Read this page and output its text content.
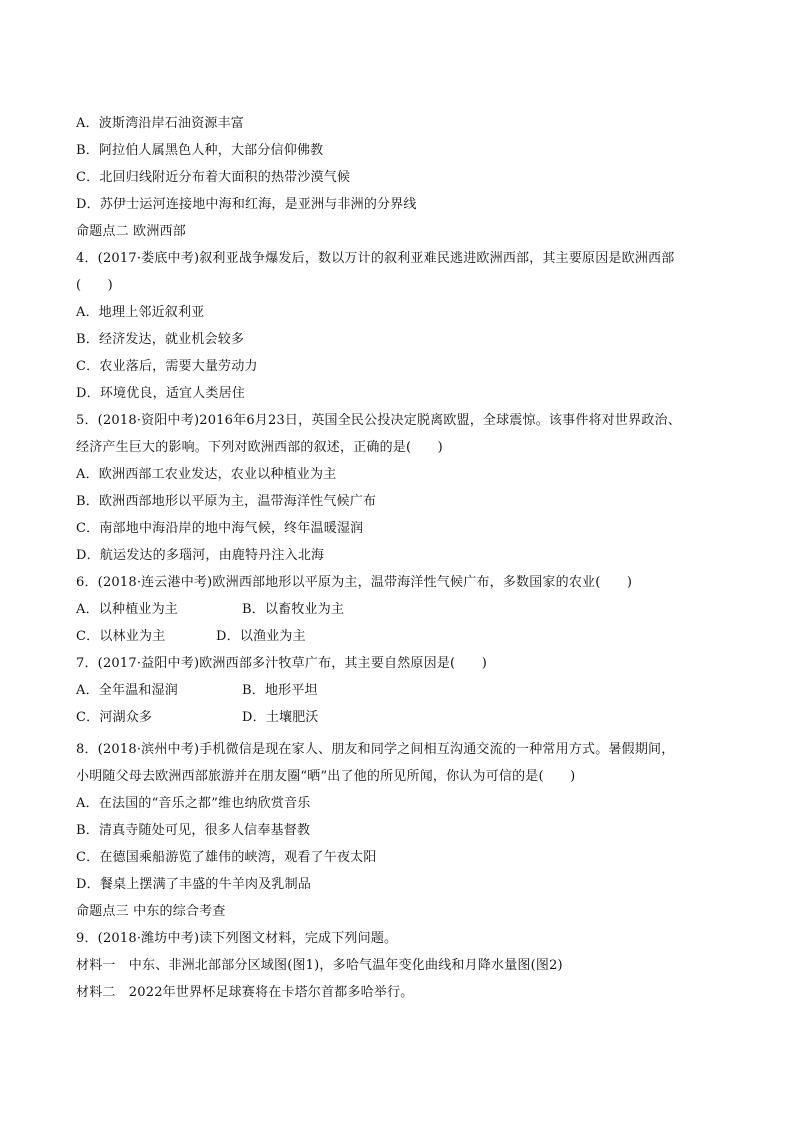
A．波斯湾沿岸石油资源丰富
B．阿拉伯人属黑色人种，大部分信仰佛教
C．北回归线附近分布着大面积的热带沙漠气候
D．苏伊士运河连接地中海和红海，是亚洲与非洲的分界线
命题点二 欧洲西部
4．(2017·娄底中考)叙利亚战争爆发后，数以万计的叙利亚难民逃进欧洲西部，其主要原因是欧洲西部
(　　)
A．地理上邻近叙利亚
B．经济发达，就业机会较多
C．农业落后，需要大量劳动力
D．环境优良，适宜人类居住
5．(2018·资阳中考)2016年6月23日，英国全民公投决定脱离欧盟，全球震惊。该事件将对世界政治、
经济产生巨大的影响。下列对欧洲西部的叙述，正确的是(　　)
A．欧洲西部工农业发达，农业以种植业为主
B．欧洲西部地形以平原为主，温带海洋性气候广布
C．南部地中海沿岸的地中海气候，终年温暖湿润
D．航运发达的多瑙河，由鹿特丹注入北海
6．(2018·连云港中考)欧洲西部地形以平原为主，温带海洋性气候广布，多数国家的农业(　　)
A．以种植业为主	B．以畜牧业为主
C．以林业为主	D．以渔业为主
7．(2017·益阳中考)欧洲西部多汁牧草广布，其主要自然原因是(　　)
A．全年温和湿润	B．地形平坦
C．河湖众多	D．土壤肥沃
8．(2018·滨州中考)手机微信是现在家人、朋友和同学之间相互沟通交流的一种常用方式。暑假期间，
小明随父母去欧洲西部旅游并在朋友圈“晒”出了他的所见所闻，你认为可信的是(　　)
A．在法国的“音乐之都”维也纳欣赏音乐
B．清真寺随处可见，很多人信奉基督教
C．在德国乘船游览了雄伟的峡湾，观看了午夜太阳
D．餐桌上摆满了丰盛的牛羊肉及乳制品
命题点三 中东的综合考查
9．(2018·潍坊中考)读下列图文材料，完成下列问题。
材料一　中东、非洲北部部分区域图(图1)，多哈气温年变化曲线和月降水量图(图2)
材料二　2022年世界杯足球赛将在卡塔尔首都多哈举行。
